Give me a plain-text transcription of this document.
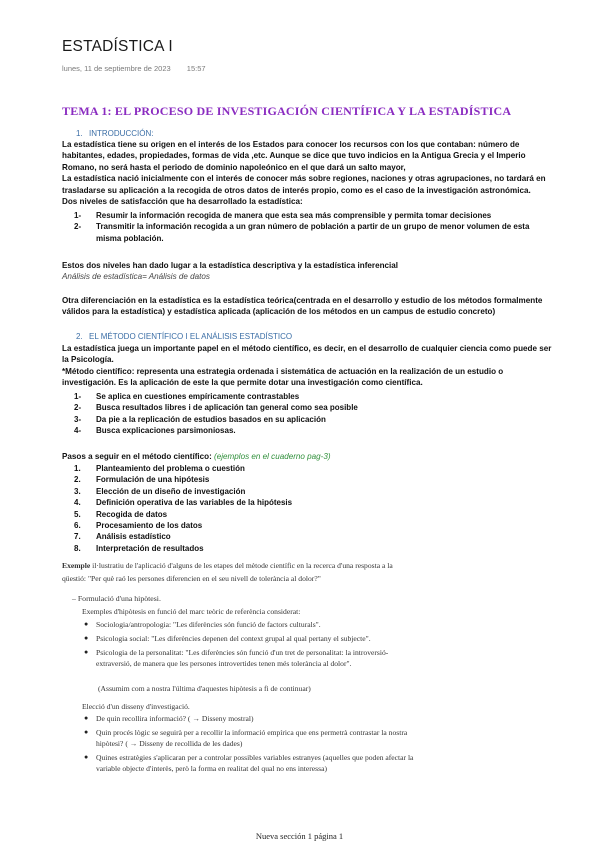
ESTADÍSTICA I
lunes, 11 de septiembre de 2023 15:57
TEMA 1: EL PROCESO DE INVESTIGACIÓN CIENTÍFICA Y LA ESTADÍSTICA
1. INTRODUCCIÓN:

La estadística tiene su origen en el interés de los Estados para conocer los recursos con los que contaban: número de habitantes, edades, propiedades, formas de vida ,etc. Aunque se dice que tuvo indicios en la Antigua Grecia y el Imperio Romano, no será hasta el periodo de dominio napoleónico en el que dará un salto mayor,

La estadística nació inicialmente con el interés de conocer más sobre regiones, naciones y otras agrupaciones, no tardará en trasladarse su aplicación a la recogida de otros datos de interés propio, como es el caso de la investigación astronómica.

Dos niveles de satisfacción que ha desarrollado la estadística:

1- Resumir la información recogida de manera que esta sea más comprensible y permita tomar decisiones
2- Transmitir la información recogida a un gran número de población a partir de un grupo de menor volumen de esta misma población.

Estos dos niveles han dado lugar a la estadística descriptiva y la estadística inferencial

Análisis de estadística= Análisis de datos

Otra diferenciación en la estadística es la estadística teórica(centrada en el desarrollo y estudio de los métodos formalmente válidos para la estadística) y estadística aplicada (aplicación de los métodos en un campus de estudio concreto)

2. EL MÉTODO CIENTÍFICO I EL ANÁLISIS ESTADÍSTICO

La estadística juega un importante papel en el método científico, es decir, en el desarrollo de cualquier ciencia como puede ser la Psicología.

*Método científico: representa una estrategia ordenada i sistemática de actuación en la realización de un estudio o investigación. Es la aplicación de este la que permite dotar una investigación como científica.

1- Se aplica en cuestiones empíricamente contrastables
2- Busca resultados libres i de aplicación tan general como sea posible
3- Da pie a la replicación de estudios basados en su aplicación
4- Busca explicaciones parsimoniosas.

Pasos a seguir en el método científico: (ejemplos en el cuaderno pag-3)

1. Planteamiento del problema o cuestión
2. Formulación de una hipótesis
3. Elección de un diseño de investigación
4. Definición operativa de las variables de la hipótesis
5. Recogida de datos
6. Procesamiento de los datos
7. Análisis estadístico
8. Interpretación de resultados
Exemple il·lustratiu de l'aplicació d'alguns de les etapes del mètode científic en la recerca d'una resposta a la qüestió: "Per què raó les persones diferencien en el seu nivell de tolerància al dolor?"
– Formulació d'una hipòtesi.
Exemples d'hipòtesis en funció del marc teòric de referència considerat:
● Sociologia/antropologia: "Les diferències són funció de factors culturals".
● Psicologia social: "Les diferències depenen del context grupal al qual pertany el subjecte".
● Psicologia de la personalitat: "Les diferències són funció d'un tret de personalitat: la introversió-extraversió, de manera que les persones introvertides tenen més tolerància al dolor".
(Assumim com a nostra l'última d'aquestes hipòtesis a fi de continuar)
Elecció d'un disseny d'investigació.
● De quin recollira informació? ( → Disseny mostral)
● Quin procés lògic se seguirà per a recollir la informació empírica que ens permetrà contrastar la nostra hipòtesi? ( → Disseny de recollida de les dades)
● Quines estratègies s'aplicaran per a controlar possibles variables estranyes (aquelles que poden afectar la variable objecte d'interès, però la forma en realitat del qual no ens interessa)
Nueva sección 1 página 1
